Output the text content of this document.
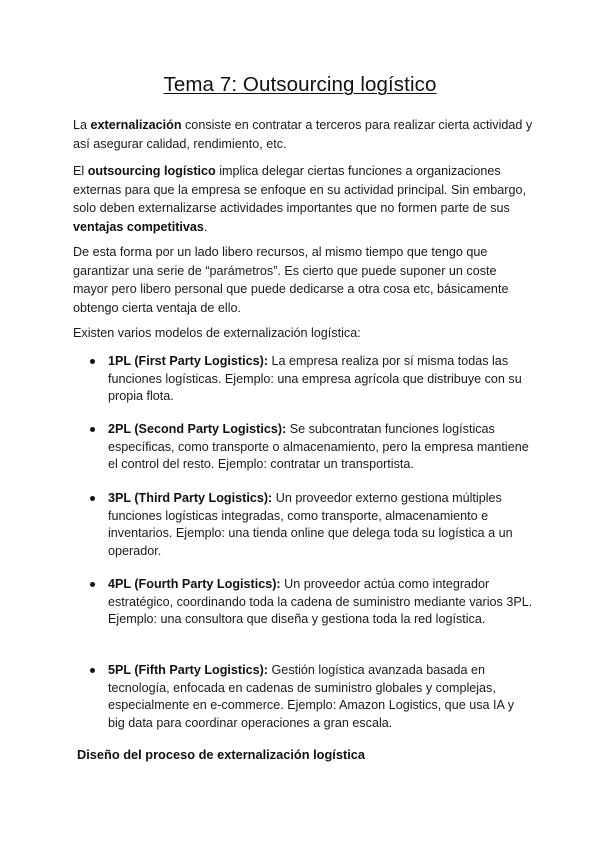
Tema 7: Outsourcing logístico
La externalización consiste en contratar a terceros para realizar cierta actividad y así asegurar calidad, rendimiento, etc.
El outsourcing logístico implica delegar ciertas funciones a organizaciones externas para que la empresa se enfoque en su actividad principal. Sin embargo, solo deben externalizarse actividades importantes que no formen parte de sus ventajas competitivas.
De esta forma por un lado libero recursos, al mismo tiempo que tengo que garantizar una serie de “parámetros”. Es cierto que puede suponer un coste mayor pero libero personal que puede dedicarse a otra cosa etc, básicamente obtengo cierta ventaja de ello.
Existen varios modelos de externalización logística:
1PL (First Party Logistics): La empresa realiza por sí misma todas las funciones logísticas. Ejemplo: una empresa agrícola que distribuye con su propia flota.
2PL (Second Party Logistics): Se subcontratan funciones logísticas específicas, como transporte o almacenamiento, pero la empresa mantiene el control del resto. Ejemplo: contratar un transportista.
3PL (Third Party Logistics): Un proveedor externo gestiona múltiples funciones logísticas integradas, como transporte, almacenamiento e inventarios. Ejemplo: una tienda online que delega toda su logística a un operador.
4PL (Fourth Party Logistics): Un proveedor actúa como integrador estratégico, coordinando toda la cadena de suministro mediante varios 3PL. Ejemplo: una consultora que diseña y gestiona toda la red logística.
5PL (Fifth Party Logistics): Gestión logística avanzada basada en tecnología, enfocada en cadenas de suministro globales y complejas, especialmente en e-commerce. Ejemplo: Amazon Logistics, que usa IA y big data para coordinar operaciones a gran escala.
Diseño del proceso de externalización logística
